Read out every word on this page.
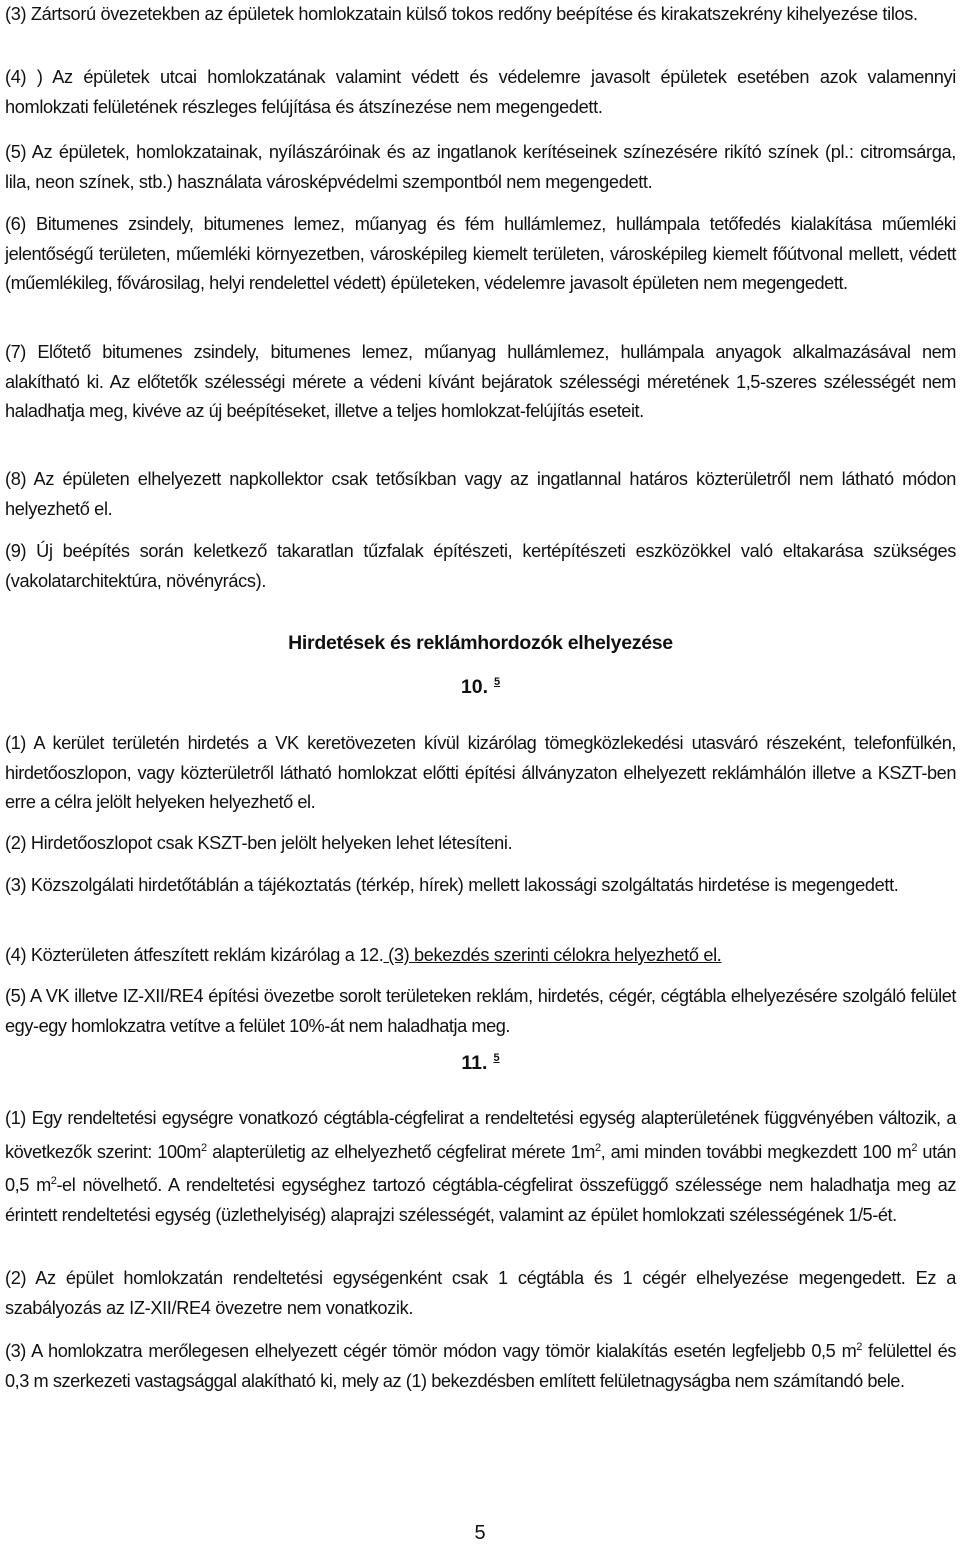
(3) Zártsorú övezetekben az épületek homlokzatain külső tokos redőny beépítése és kirakatszekrény kihelyezése tilos.

(4) ) Az épületek utcai homlokzatának valamint védett és védelemre javasolt épületek esetében azok valamennyi homlokzati felületének részleges felújítása és átszínezése nem megengedett.

(5) Az épületek, homlokzatainak, nyílászáróinak és az ingatlanok kerítéseinek színezésére rikító színek (pl.: citromsárga, lila, neon színek, stb.) használata városképvédelmi szempontból nem megengedett.

(6) Bitumenes zsindely, bitumenes lemez, műanyag és fém hullámlemez, hullámpala tetőfedés kialakítása műemléki jelentőségű területen, műemléki környezetben, városképileg kiemelt területen, városképileg kiemelt főútvonal mellett, védett (műemlékileg, fővárosilag, helyi rendelettel védett) épületeken, védelemre javasolt épületen nem megengedett.

(7) Előtető bitumenes zsindely, bitumenes lemez, műanyag hullámlemez, hullámpala anyagok alkalmazásával nem alakítható ki. Az előtetők szélességi mérete a védeni kívánt bejáratok szélességi méretének 1,5-szeres szélességét nem haladhatja meg, kivéve az új beépítéseket, illetve a teljes homlokzat-felújítás eseteit.

(8) Az épületen elhelyezett napkollektor csak tetősíkban vagy az ingatlannal határos közterületről nem látható módon helyezhető el.

(9) Új beépítés során keletkező takaratlan tűzfalak építészeti, kertépítészeti eszközökkel való eltakarása szükséges (vakolatarchitektúra, növényrács).

Hirdetések és reklámhordozók elhelyezése

10. $^5$

(1) A kerület területén hirdetés a VK keretövezeten kívül kizárólag tömegközlekedési utasváró részeként, telefonfülkén, hirdetőoszlopon, vagy közterületről látható homlokzat előtti építési állványzaton elhelyezett reklámhálón illetve a KSZT-ben erre a célra jelölt helyeken helyezhető el.

(2) Hirdetőoszlopot csak KSZT-ben jelölt helyeken lehet létesíteni.

(3) Közszolgálati hirdetőtáblán a tájékoztatás (térkép, hírek) mellett lakossági szolgáltatás hirdetése is megengedett.

(4) Közterületen átfeszített reklám kizárólag a 12. (3) bekezdés szerinti célokra helyezhető el.

(5) A VK illetve IZ-XII/RE4 építési övezetbe sorolt területeken reklám, hirdetés, cégér, cégtábla elhelyezésére szolgáló felület egy-egy homlokzatra vetítve a felület 10%-át nem haladhatja meg.

11. $^5$

(1) Egy rendeltetési egységre vonatkozó cégtábla-cégfelirat a rendeltetési egység alapterületének függvényében változik, a következők szerint: $100m^2$ alapterületig az elhelyezhető cégfelirat mérete $1m^2$, ami minden további megkezdett 100 $m^2$ után 0,5 $m^2-el$ növelhető. A rendeltetési egységhez tartozó cégtábla-cégfelirat összefüggő szélessége nem haladhatja meg az érintett rendeltetési egység (üzlethelyiség) alaprajzi szélességét, valamint az épület homlokzati szélességének 1/5-ét.

(2) Az épület homlokzatán rendeltetési egységenként csak 1 cégtábla és 1 cégér elhelyezése megengedett. Ez a szabályozás az IZ-XII/RE4 övezetre nem vonatkozik.

(3) A homlokzatra merőlegesen elhelyezett cégér tömör módon vagy tömör kialakítás esetén legfeljebb 0,5 $m^2$ felülettel és 0,3 m szerkezeti vastagsággal alakítható ki, mely az (1) bekezdésben említett felületnagyságba nem számítandó bele.

5
